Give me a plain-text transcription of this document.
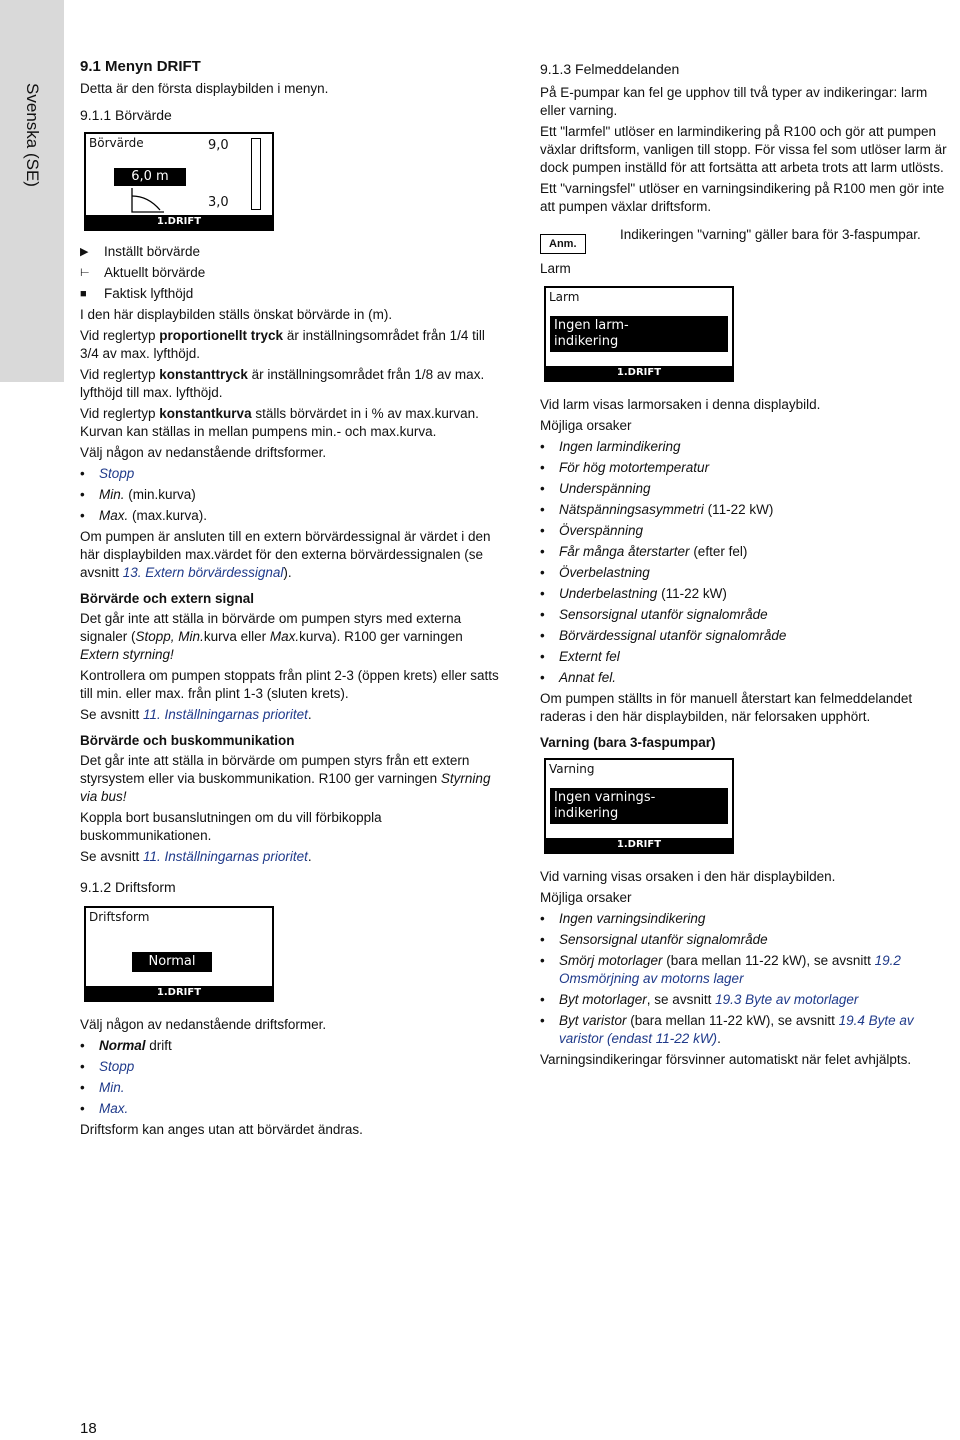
Svenska (SE)
9.1 Menyn DRIFT

Detta är den första displaybilden i menyn.

9.1.1 Börvärde
Börvärde	9,0
6,0 m
3,0
1.DRIFT
▶	Inställt börvärde
⊢	Aktuellt börvärde
■	Faktisk lyfthöjd

I den här displaybilden ställs önskat börvärde in (m).

Vid reglertyp proportionellt tryck är inställningsområdet från 1/4 till 3/4 av max. lyfthöjd.

Vid reglertyp konstanttryck är inställningsområdet från 1/8 av max. lyfthöjd till max. lyfthöjd.

Vid reglertyp konstantkurva ställs börvärdet in i % av max.kurvan. Kurvan kan ställas in mellan pumpens min.- och max.kurva.

Välj någon av nedanstående driftsformer.

• Stopp
• Min. (min.kurva)
• Max. (max.kurva).

Om pumpen är ansluten till en extern börvärdessignal är värdet i den här displaybilden max.värdet för den externa börvärdessignalen (se avsnitt 13. Extern börvärdessignal).

Börvärde och extern signal

Det går inte att ställa in börvärde om pumpen styrs med externa signaler (Stopp, Min.kurva eller Max.kurva). R100 ger varningen Extern styrning!

Kontrollera om pumpen stoppats från plint 2-3 (öppen krets) eller satts till min. eller max. från plint 1-3 (sluten krets).

Se avsnitt 11. Inställningarnas prioritet.

Börvärde och buskommunikation

Det går inte att ställa in börvärde om pumpen styrs från ett extern styrsystem eller via buskommunikation. R100 ger varningen Styrning via bus!

Koppla bort busanslutningen om du vill förbikoppla buskommunikationen.

Se avsnitt 11. Inställningarnas prioritet.

9.1.2 Driftsform
Driftsform
Normal
1.DRIFT

Välj någon av nedanstående driftsformer.

• Normal drift
• Stopp
• Min.
• Max.

Driftsform kan anges utan att börvärdet ändras.

9.1.3 Felmeddelanden

På E-pumpar kan fel ge upphov till två typer av indikeringar: larm eller varning.

Ett "larmfel" utlöser en larmindikering på R100 och gör att pumpen växlar driftsform, vanligen till stopp. För vissa fel som utlöser larm är dock pumpen inställd för att fortsätta att arbeta trots att larm utlösts.

Ett "varningsfel" utlöser en varningsindikering på R100 men gör inte att pumpen växlar driftsform.

Anm.
Indikeringen "varning" gäller bara för 3-faspumpar.
Larm
Larm
Ingen larm-
indikering
1.DRIFT

Vid larm visas larmorsaken i denna displaybild.

Möjliga orsaker

• Ingen larmindikering
• För hög motortemperatur
• Underspänning
• Nätspänningsasymmetri (11-22 kW)
• Överspänning
• Får många återstarter (efter fel)
• Överbelastning
• Underbelastning (11-22 kW)
• Sensorsignal utanför signalområde
• Börvärdessignal utanför signalområde
• Externt fel
• Annat fel.

Om pumpen ställts in för manuell återstart kan felmeddelandet raderas i den här displaybilden, när felorsaken upphört.

Varning (bara 3-faspumpar)
Varning
Ingen varnings-
indikering
1.DRIFT

Vid varning visas orsaken i den här displaybilden.

Möjliga orsaker

• Ingen varningsindikering
• Sensorsignal utanför signalområde
• Smörj motorlager (bara mellan 11-22 kW), se avsnitt 19.2 Omsmörjning av motorns lager
• Byt motorlager, se avsnitt 19.3 Byte av motorlager
• Byt varistor (bara mellan 11-22 kW), se avsnitt 19.4 Byte av varistor (endast 11-22 kW).

Varningsindikeringar försvinner automatiskt när felet avhjälpts.

18
